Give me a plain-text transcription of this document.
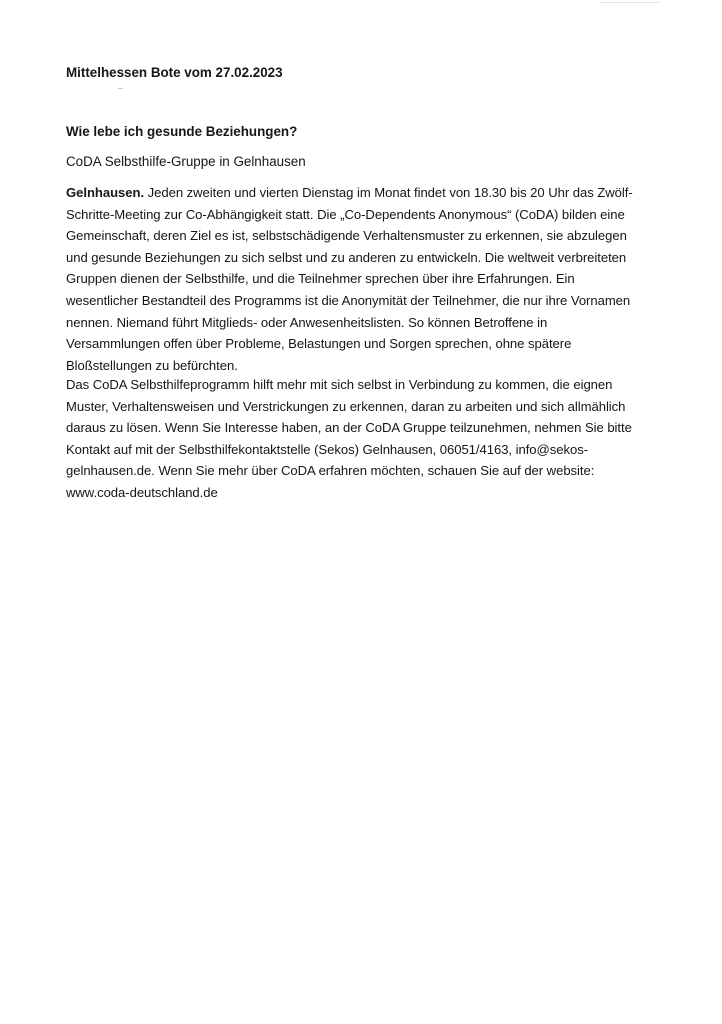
Mittelhessen Bote vom 27.02.2023

Wie lebe ich gesunde Beziehungen?

CoDA Selbsthilfe-Gruppe in Gelnhausen

Gelnhausen. Jeden zweiten und vierten Dienstag im Monat findet von 18.30 bis 20 Uhr das Zwölf-
Schritte-Meeting zur Co-Abhängigkeit statt. Die „Co-Dependents Anonymous“ (CoDA) bilden eine
Gemeinschaft, deren Ziel es ist, selbstschädigende Verhaltensmuster zu erkennen, sie abzulegen
und gesunde Beziehungen zu sich selbst und zu anderen zu entwickeln. Die weltweit verbreiteten
Gruppen dienen der Selbsthilfe, und die Teilnehmer sprechen über ihre Erfahrungen. Ein
wesentlicher Bestandteil des Programms ist die Anonymität der Teilnehmer, die nur ihre Vornamen
nennen. Niemand führt Mitglieds- oder Anwesenheitslisten. So können Betroffene in
Versammlungen offen über Probleme, Belastungen und Sorgen sprechen, ohne spätere
Bloßstellungen zu befürchten.

Das CoDA Selbsthilfeprogramm hilft mehr mit sich selbst in Verbindung zu kommen, die eignen
Muster, Verhaltensweisen und Verstrickungen zu erkennen, daran zu arbeiten und sich allmählich
daraus zu lösen. Wenn Sie Interesse haben, an der CoDA Gruppe teilzunehmen, nehmen Sie bitte
Kontakt auf mit der Selbsthilfekontaktstelle (Sekos) Gelnhausen, 06051/4163, info@sekos-
gelnhausen.de. Wenn Sie mehr über CoDA erfahren möchten, schauen Sie auf der website:
www.coda-deutschland.de
